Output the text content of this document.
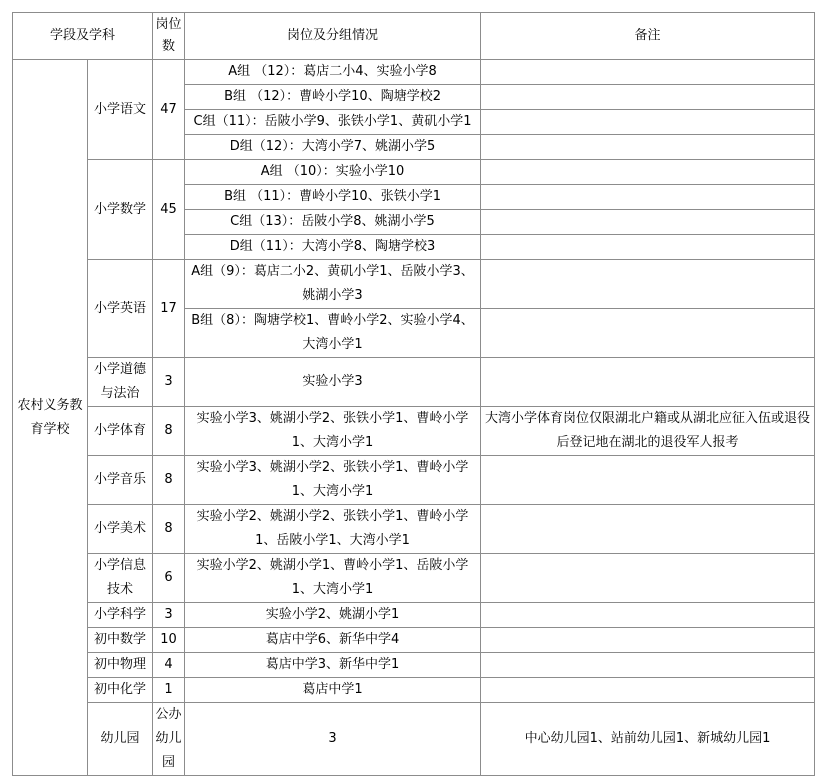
学段及学科		岗位数	岗位及分组情况	备注	
农村义务教育学校	小学语文	47	A组 （12）：葛店二小4、实验小学8		
			B组 （12）：曹岭小学10、陶塘学校2		
			C组（11）：岳陂小学9、张铁小学1、黄矶小学1		
			D组（12）：大湾小学7、姚湖小学5		
	小学数学	45	A组 （10）：实验小学10		
			B组 （11）：曹岭小学10、张铁小学1		
			C组（13）：岳陂小学8、姚湖小学5		
			D组（11）：大湾小学8、陶塘学校3		
	小学英语	17	A组（9）：葛店二小2、黄矶小学1、岳陂小学3、姚湖小学3		
			B组（8）：陶塘学校1、曹岭小学2、实验小学4、大湾小学1		
	小学道德与法治	3	实验小学3		
	小学体育	8	实验小学3、姚湖小学2、张铁小学1、曹岭小学1、大湾小学1	大湾小学体育岗位仅限湖北户籍或从湖北应征入伍或退役后登记地在湖北的退役军人报考	
	小学音乐	8	实验小学3、姚湖小学2、张铁小学1、曹岭小学1、大湾小学1		
	小学美术	8	实验小学2、姚湖小学2、张铁小学1、曹岭小学1、岳陂小学1、大湾小学1		
	小学信息技术	6	实验小学2、姚湖小学1、曹岭小学1、岳陂小学1、大湾小学1		
	小学科学	3	实验小学2、姚湖小学1		
	初中数学	10	葛店中学6、新华中学4		
	初中物理	4	葛店中学3、新华中学1		
	初中化学	1	葛店中学1		
	幼儿园	公办幼儿园	3	中心幼儿园1、站前幼儿园1、新城幼儿园1	
